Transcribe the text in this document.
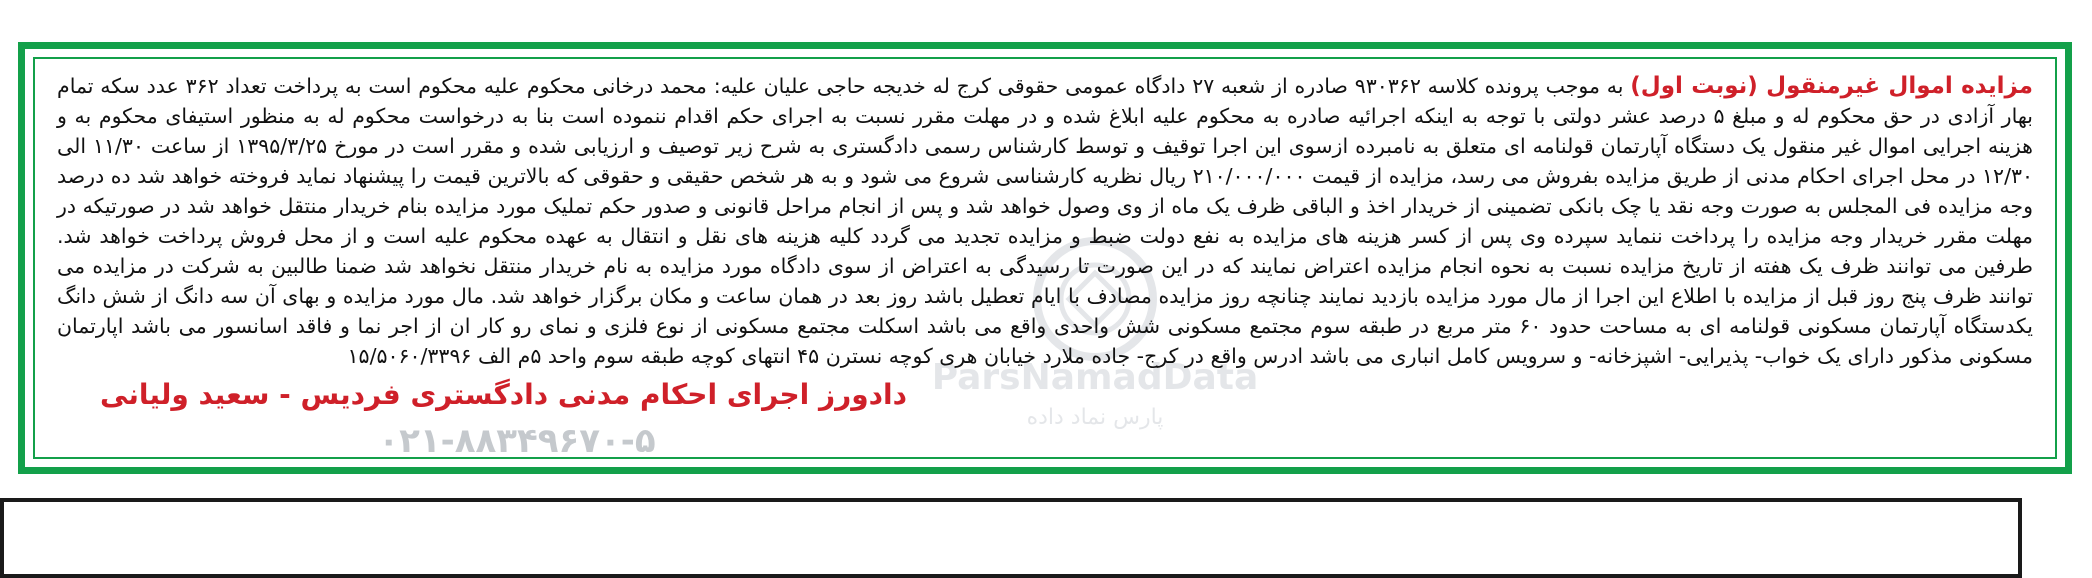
ParsNamadData
پارس نماد داده
مزایده اموال غیرمنقول (نوبت اول) به موجب پرونده کلاسه ۹۳۰۳۶۲ صادره از شعبه ۲۷ دادگاه عمومی حقوقی کرج له خدیجه حاجی علیان علیه: محمد درخانی محکوم علیه محکوم است به پرداخت تعداد ۳۶۲ عدد سکه تمام بهار آزادی در حق محکوم له و مبلغ ۵ درصد عشر دولتی با توجه به اینکه اجرائیه صادره به محکوم علیه ابلاغ شده و در مهلت مقرر نسبت به اجرای حکم اقدام ننموده است بنا به درخواست محکوم له به منظور استیفای محکوم به و هزینه اجرایی اموال غیر منقول یک دستگاه آپارتمان قولنامه ای متعلق به نامبرده ازسوی این اجرا توقیف و توسط کارشناس رسمی دادگستری به شرح زیر توصیف و ارزیابی شده و مقرر است در مورخ ۱۳۹۵/۳/۲۵ از ساعت ۱۱/۳۰ الی ۱۲/۳۰ در محل اجرای احکام مدنی از طریق مزایده بفروش می رسد، مزایده از قیمت ۲۱۰/۰۰۰/۰۰۰ ریال نظریه کارشناسی شروع می شود و به هر شخص حقیقی و حقوقی که بالاترین قیمت را پیشنهاد نماید فروخته خواهد شد ده درصد وجه مزایده فی المجلس به صورت وجه نقد یا چک بانکی تضمینی از خریدار اخذ و الباقی ظرف یک ماه از وی وصول خواهد شد و پس از انجام مراحل قانونی و صدور حکم تملیک مورد مزایده بنام خریدار منتقل خواهد شد در صورتیکه در مهلت مقرر خریدار وجه مزایده را پرداخت ننماید سپرده وی پس از کسر هزینه های مزایده به نفع دولت ضبط و مزایده تجدید می گردد کلیه هزینه های نقل و انتقال به عهده محکوم علیه است و از محل فروش پرداخت خواهد شد. طرفین می توانند ظرف یک هفته از تاریخ مزایده نسبت به نحوه انجام مزایده اعتراض نمایند که در این صورت تا رسیدگی به اعتراض از سوی دادگاه مورد مزایده به نام خریدار منتقل نخواهد شد ضمنا طالبین به شرکت در مزایده می توانند ظرف پنج روز قبل از مزایده با اطلاع این اجرا از مال مورد مزایده بازدید نمایند چنانچه روز مزایده مصادف با ایام تعطیل باشد روز بعد در همان ساعت و مکان برگزار خواهد شد. مال مورد مزایده و بهای آن سه دانگ از شش دانگ یکدستگاه آپارتمان مسکونی قولنامه ای به مساحت حدود ۶۰ متر مربع در طبقه سوم مجتمع مسکونی شش واحدی واقع می باشد اسکلت مجتمع مسکونی از نوع فلزی و نمای رو کار ان از اجر نما و فاقد اسانسور می باشد اپارتمان مسکونی مذکور دارای یک خواب- پذیرایی- اشپزخانه- و سرویس کامل انباری می باشد ادرس واقع در کرج- جاده ملارد خیابان هری کوچه نسترن ۴۵ انتهای کوچه طبقه سوم واحد ۵م الف ۱۵/۵۰۶۰/۳۳۹۶
دادورز اجرای احکام مدنی دادگستری فردیس - سعید ولیانی
۰۲۱-۸۸۳۴۹۶۷۰-۵
